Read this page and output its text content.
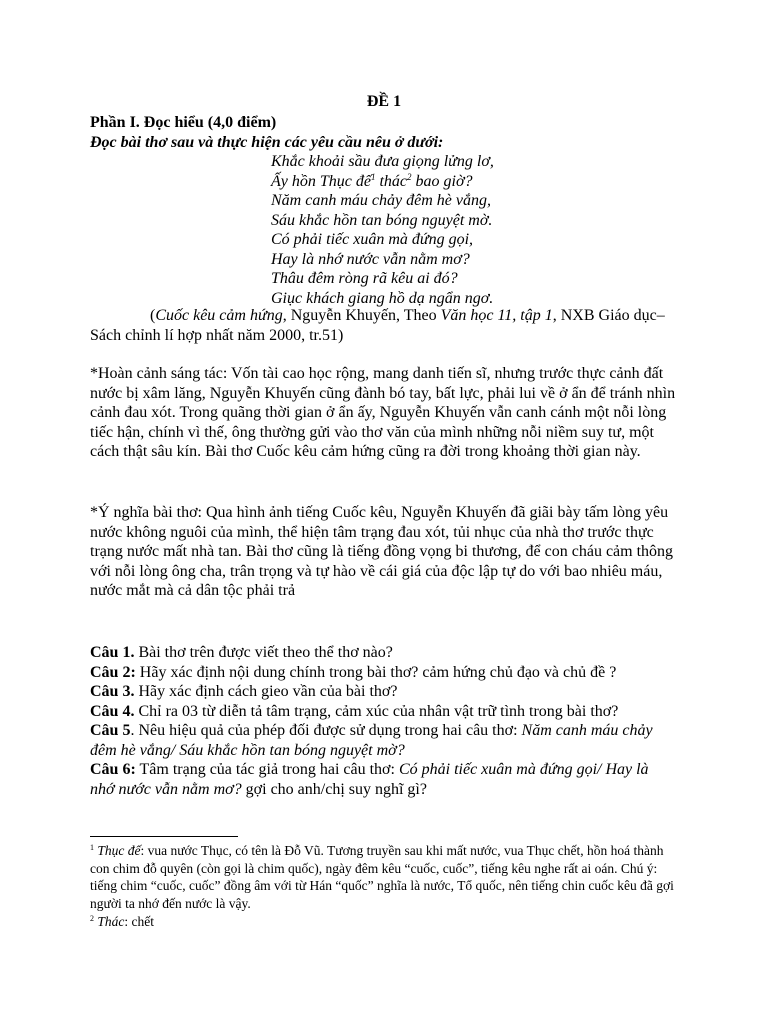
ĐỀ 1
Phần I. Đọc hiểu (4,0 điểm)
Đọc bài thơ sau và thực hiện các yêu cầu nêu ở dưới:
Khắc khoải sầu đưa giọng lửng lơ,
Ấy hồn Thục đế$^1$ thác$^2$ bao giờ?
Năm canh máu chảy đêm hè vắng,
Sáu khắc hồn tan bóng nguyệt mờ.
Có phải tiếc xuân mà đứng gọi,
Hay là nhớ nước vẫn nằm mơ?
Thâu đêm ròng rã kêu ai đó?
Giục khách giang hồ dạ ngẩn ngơ.
(Cuốc kêu cảm hứng, Nguyễn Khuyến, Theo Văn học 11, tập 1, NXB Giáo dục– Sách chỉnh lí hợp nhất năm 2000, tr.51)
*Hoàn cảnh sáng tác: Vốn tài cao học rộng, mang danh tiến sĩ, nhưng trước thực cảnh đất nước bị xâm lăng, Nguyễn Khuyến cũng đành bó tay, bất lực, phải lui về ở ẩn để tránh nhìn cảnh đau xót. Trong quãng thời gian ở ẩn ấy, Nguyễn Khuyến vẫn canh cánh một nỗi lòng tiếc hận, chính vì thế, ông thường gửi vào thơ văn của mình những nỗi niềm suy tư, một cách thật sâu kín. Bài thơ Cuốc kêu cảm hứng cũng ra đời trong khoảng thời gian này.
*Ý nghĩa bài thơ: Qua hình ảnh tiếng Cuốc kêu, Nguyễn Khuyến đã giãi bày tấm lòng yêu nước không nguôi của mình, thể hiện tâm trạng đau xót, tủi nhục của nhà thơ trước thực trạng nước mất nhà tan. Bài thơ cũng là tiếng đồng vọng bi thương, để con cháu cảm thông với nỗi lòng ông cha, trân trọng và tự hào về cái giá của độc lập tự do với bao nhiêu máu, nước mắt mà cả dân tộc phải trả
Câu 1. Bài thơ trên được viết theo thể thơ nào?
Câu 2: Hãy xác định nội dung chính trong bài thơ? cảm hứng chủ đạo và chủ đề ?
Câu 3. Hãy xác định cách gieo vần của bài thơ?
Câu 4. Chỉ ra 03 từ diễn tả tâm trạng, cảm xúc của nhân vật trữ tình trong bài thơ?
Câu 5. Nêu hiệu quả của phép đối được sử dụng trong hai câu thơ: Năm canh máu chảy đêm hè vắng/ Sáu khắc hồn tan bóng nguyệt mờ?
Câu 6: Tâm trạng của tác giả trong hai câu thơ: Có phải tiếc xuân mà đứng gọi/ Hay là nhớ nước vẫn nằm mơ? gợi cho anh/chị suy nghĩ gì?
$^1$ Thục đế: vua nước Thục, có tên là Đỗ Vũ. Tương truyền sau khi mất nước, vua Thục chết, hồn hoá thành con chim đỗ quyên (còn gọi là chim quốc), ngày đêm kêu “cuốc, cuốc”, tiếng kêu nghe rất ai oán. Chú ý: tiếng chim “cuốc, cuốc” đồng âm với từ Hán “quốc” nghĩa là nước, Tổ quốc, nên tiếng chin cuốc kêu đã gợi người ta nhớ đến nước là vậy.
$^2$ Thác: chết
